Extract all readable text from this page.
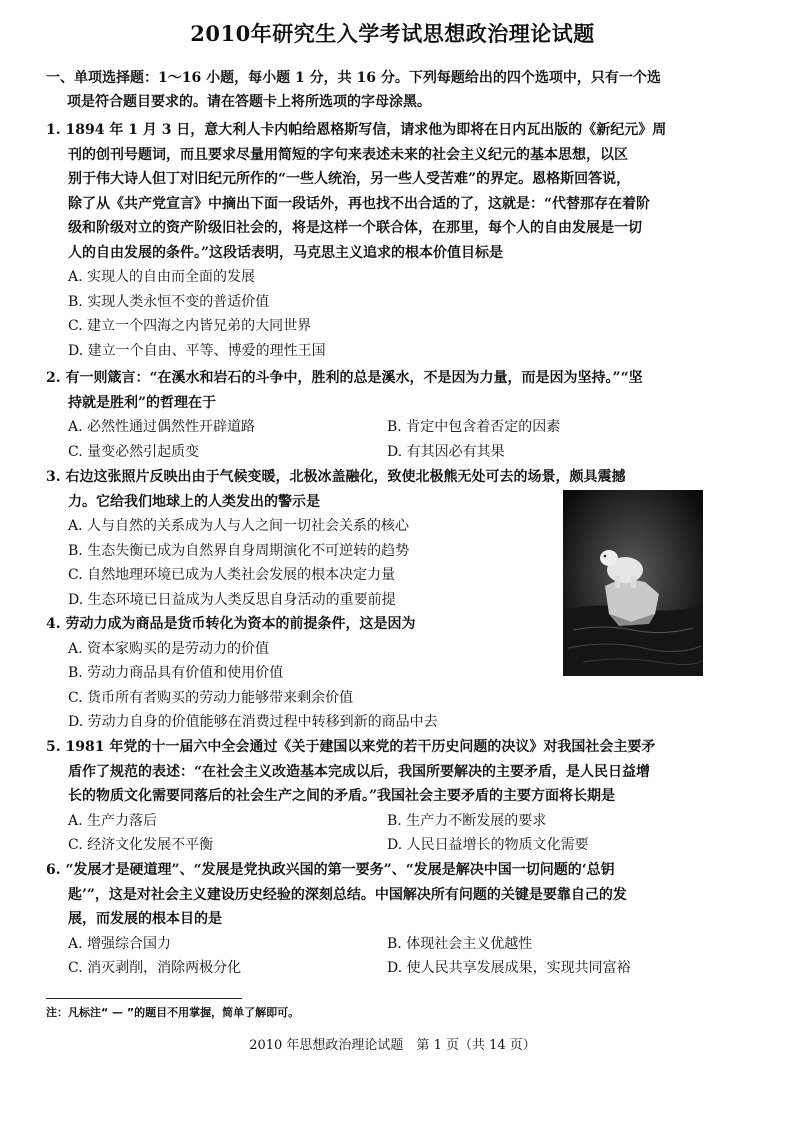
2010年研究生入学考试思想政治理论试题
一、单项选择题：1～16 小题，每小题 1 分，共 16 分。下列每题给出的四个选项中，只有一个选
项是符合题目要求的。请在答题卡上将所选项的字母涂黑。
1. 1894 年 1 月 3 日，意大利人卡内帕给恩格斯写信，请求他为即将在日内瓦出版的《新纪元》周
刊的创刊号题词，而且要求尽量用简短的字句来表述未来的社会主义纪元的基本思想，以区
别于伟大诗人但丁对旧纪元所作的“一些人统治，另一些人受苦难”的界定。恩格斯回答说，
除了从《共产党宣言》中摘出下面一段话外，再也找不出合适的了，这就是：“代替那存在着阶
级和阶级对立的资产阶级旧社会的，将是这样一个联合体，在那里，每个人的自由发展是一切
人的自由发展的条件。”这段话表明，马克思主义追求的根本价值目标是
A. 实现人的自由而全面的发展
B. 实现人类永恒不变的普适价值
C. 建立一个四海之内皆兄弟的大同世界
D. 建立一个自由、平等、博爱的理性王国
2. 有一则箴言：“在溪水和岩石的斗争中，胜利的总是溪水，不是因为力量，而是因为坚持。”“坚
持就是胜利”的哲理在于
A. 必然性通过偶然性开辟道路	B. 肯定中包含着否定的因素
C. 量变必然引起质变	D. 有其因必有其果
3. 右边这张照片反映出由于气候变暖，北极冰盖融化，致使北极熊无处可去的场景，颇具震撼
力。它给我们地球上的人类发出的警示是
A. 人与自然的关系成为人与人之间一切社会关系的核心
B. 生态失衡已成为自然界自身周期演化不可逆转的趋势
C. 自然地理环境已成为人类社会发展的根本决定力量
D. 生态环境已日益成为人类反思自身活动的重要前提
4. 劳动力成为商品是货币转化为资本的前提条件，这是因为
A. 资本家购买的是劳动力的价值
B. 劳动力商品具有价值和使用价值
C. 货币所有者购买的劳动力能够带来剩余价值
D. 劳动力自身的价值能够在消费过程中转移到新的商品中去
5. 1981 年党的十一届六中全会通过《关于建国以来党的若干历史问题的决议》对我国社会主要矛
盾作了规范的表述：“在社会主义改造基本完成以后，我国所要解决的主要矛盾，是人民日益增
长的物质文化需要同落后的社会生产之间的矛盾。”我国社会主要矛盾的主要方面将长期是
A. 生产力落后	B. 生产力不断发展的要求
C. 经济文化发展不平衡	D. 人民日益增长的物质文化需要
6. “发展才是硬道理”、“发展是党执政兴国的第一要务”、“发展是解决中国一切问题的‘总钥
匙’”，这是对社会主义建设历史经验的深刻总结。中国解决所有问题的关键是要靠自己的发
展，而发展的根本目的是
A. 增强综合国力	B. 体现社会主义优越性
C. 消灭剥削，消除两极分化	D. 使人民共享发展成果，实现共同富裕
注：凡标注“ — ”的题目不用掌握，简单了解即可。
2010 年思想政治理论试题　第 1 页（共 14 页）
